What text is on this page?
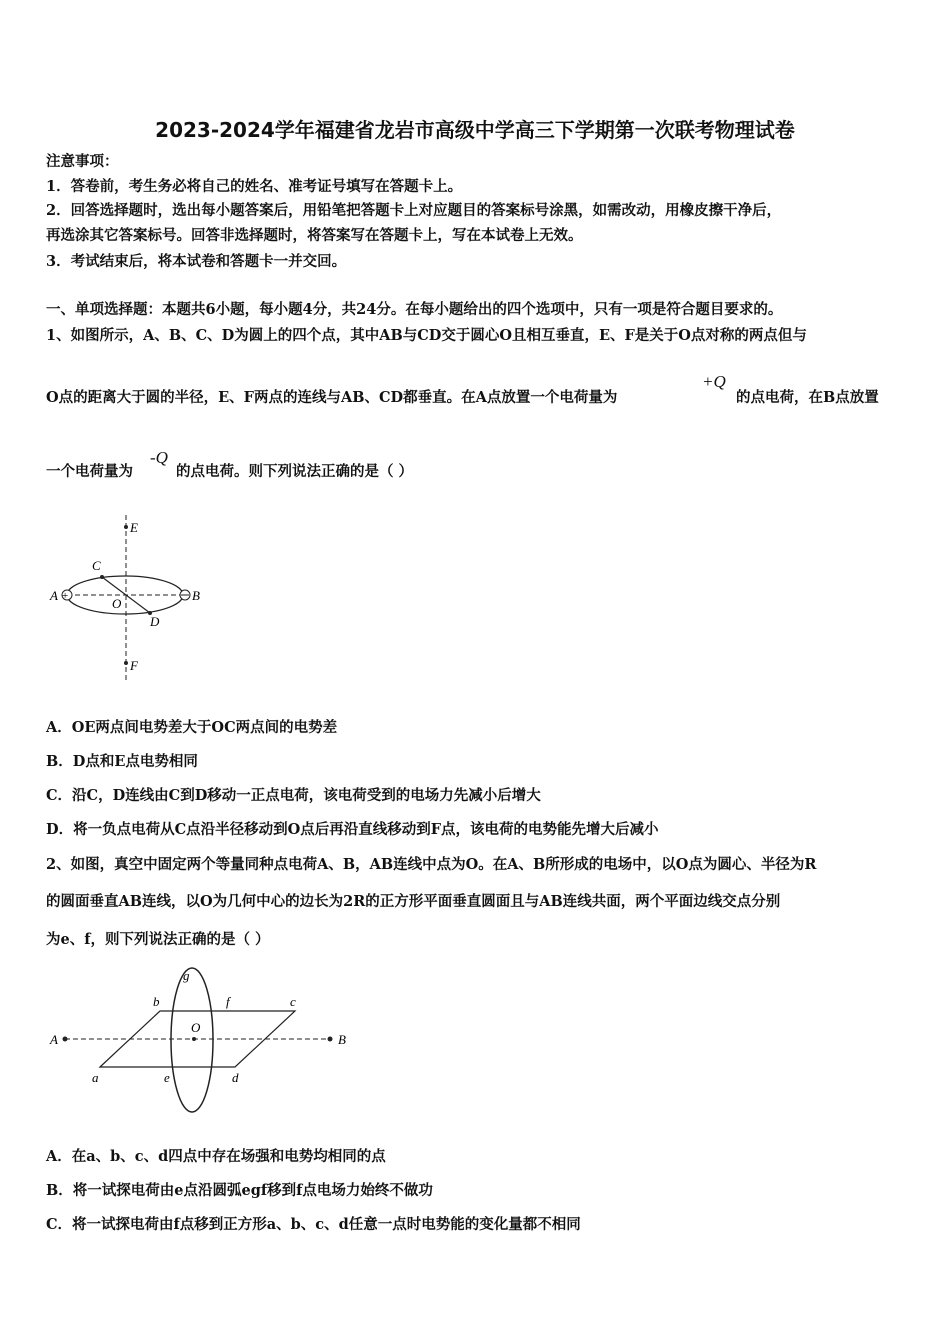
2023-2024学年福建省龙岩市高级中学高三下学期第一次联考物理试卷
注意事项：
1．答卷前，考生务必将自己的姓名、准考证号填写在答题卡上。
2．回答选择题时，选出每小题答案后，用铅笔把答题卡上对应题目的答案标号涂黑，如需改动，用橡皮擦干净后，
再选涂其它答案标号。回答非选择题时，将答案写在答题卡上，写在本试卷上无效。
3．考试结束后，将本试卷和答题卡一并交回。
一、单项选择题：本题共6小题，每小题4分，共24分。在每小题给出的四个选项中，只有一项是符合题目要求的。
1、如图所示，A、B、C、D为圆上的四个点，其中AB与CD交于圆心O且相互垂直，E、F是关于O点对称的两点但与
O点的距离大于圆的半径，E、F两点的连线与AB、CD都垂直。在A点放置一个电荷量为
+Q
的点电荷，在B点放置
一个电荷量为
-Q
的点电荷。则下列说法正确的是（ ）
+
E
F
A	B
C
D
O
A．OE两点间电势差大于OC两点间的电势差
B．D点和E点电势相同
C．沿C，D连线由C到D移动一正点电荷，该电荷受到的电场力先减小后增大
D．将一负点电荷从C点沿半径移动到O点后再沿直线移动到F点，该电荷的电势能先增大后减小
2、如图，真空中固定两个等量同种点电荷A、B，AB连线中点为O。在A、B所形成的电场中，以O点为圆心、半径为R
的圆面垂直AB连线，以O为几何中心的边长为2R的正方形平面垂直圆面且与AB连线共面，两个平面边线交点分别
为e、f，则下列说法正确的是（ ）
g
b	f	c
A
O
B
a	e	d
A．在a、b、c、d四点中存在场强和电势均相同的点
B．将一试探电荷由e点沿圆弧egf移到f点电场力始终不做功
C．将一试探电荷由f点移到正方形a、b、c、d任意一点时电势能的变化量都不相同
